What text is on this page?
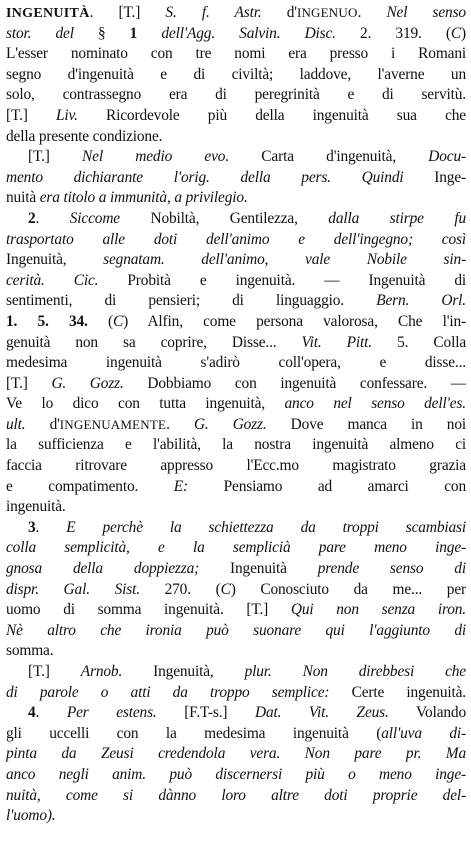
INGENUITÀ. [T.] S. f. Astr. d'INGENUO. Nel senso
stor. del § 1 dell'Agg. Salvin. Disc. 2. 319. (C)
L'esser nominato con tre nomi era presso i Romani
segno d'ingenuità e di civiltà; laddove, l'averne un
solo, contrassegno era di peregrinità e di servitù.
[T.] Liv. Ricordevole più della ingenuità sua che
della presente condizione.
[T.] Nel medio evo. Carta d'ingenuità, Docu-
mento dichiarante l'orig. della pers. Quindi Inge-
nuità era titolo a immunità, a privilegio.
2. Siccome Nobiltà, Gentilezza, dalla stirpe fu
trasportato alle doti dell'animo e dell'ingegno; così
Ingenuità, segnatam. dell'animo, vale Nobile sin-
cerità. Cic. Probità e ingenuità. — Ingenuità di
sentimenti, di pensieri; di linguaggio. Bern. Orl.
1. 5. 34. (C) Alfin, come persona valorosa, Che l'in-
genuità non sa coprire, Disse... Vit. Pitt. 5. Colla
medesima ingenuità s'adirò coll'opera, e disse...
[T.] G. Gozz. Dobbiamo con ingenuità confessare. —
Ve lo dico con tutta ingenuità, anco nel senso dell'es.
ult. d'INGENUAMENTE. G. Gozz. Dove manca in noi
la sufficienza e l'abilità, la nostra ingenuità almeno ci
faccia ritrovare appresso l'Ecc.mo magistrato grazia
e compatimento. E: Pensiamo ad amarci con
ingenuità.
3. E perchè la schiettezza da troppi scambiasi
colla semplicità, e la semplicià pare meno inge-
gnosa della doppiezza; Ingenuità prende senso di
dispr. Gal. Sist. 270. (C) Conosciuto da me... per
uomo di somma ingenuità. [T.] Qui non senza iron.
Nè altro che ironia può suonare qui l'aggiunto di
somma.
[T.] Arnob. Ingenuità, plur. Non direbbesi che
di parole o atti da troppo semplice: Certe ingenuità.
4. Per estens. [F.T-s.] Dat. Vit. Zeus. Volando
gli uccelli con la medesima ingenuità (all'uva di-
pinta da Zeusi credendola vera. Non pare pr. Ma
anco negli anim. può discernersi più o meno inge-
nuità, come si dànno loro altre doti proprie del-
l'uomo).
